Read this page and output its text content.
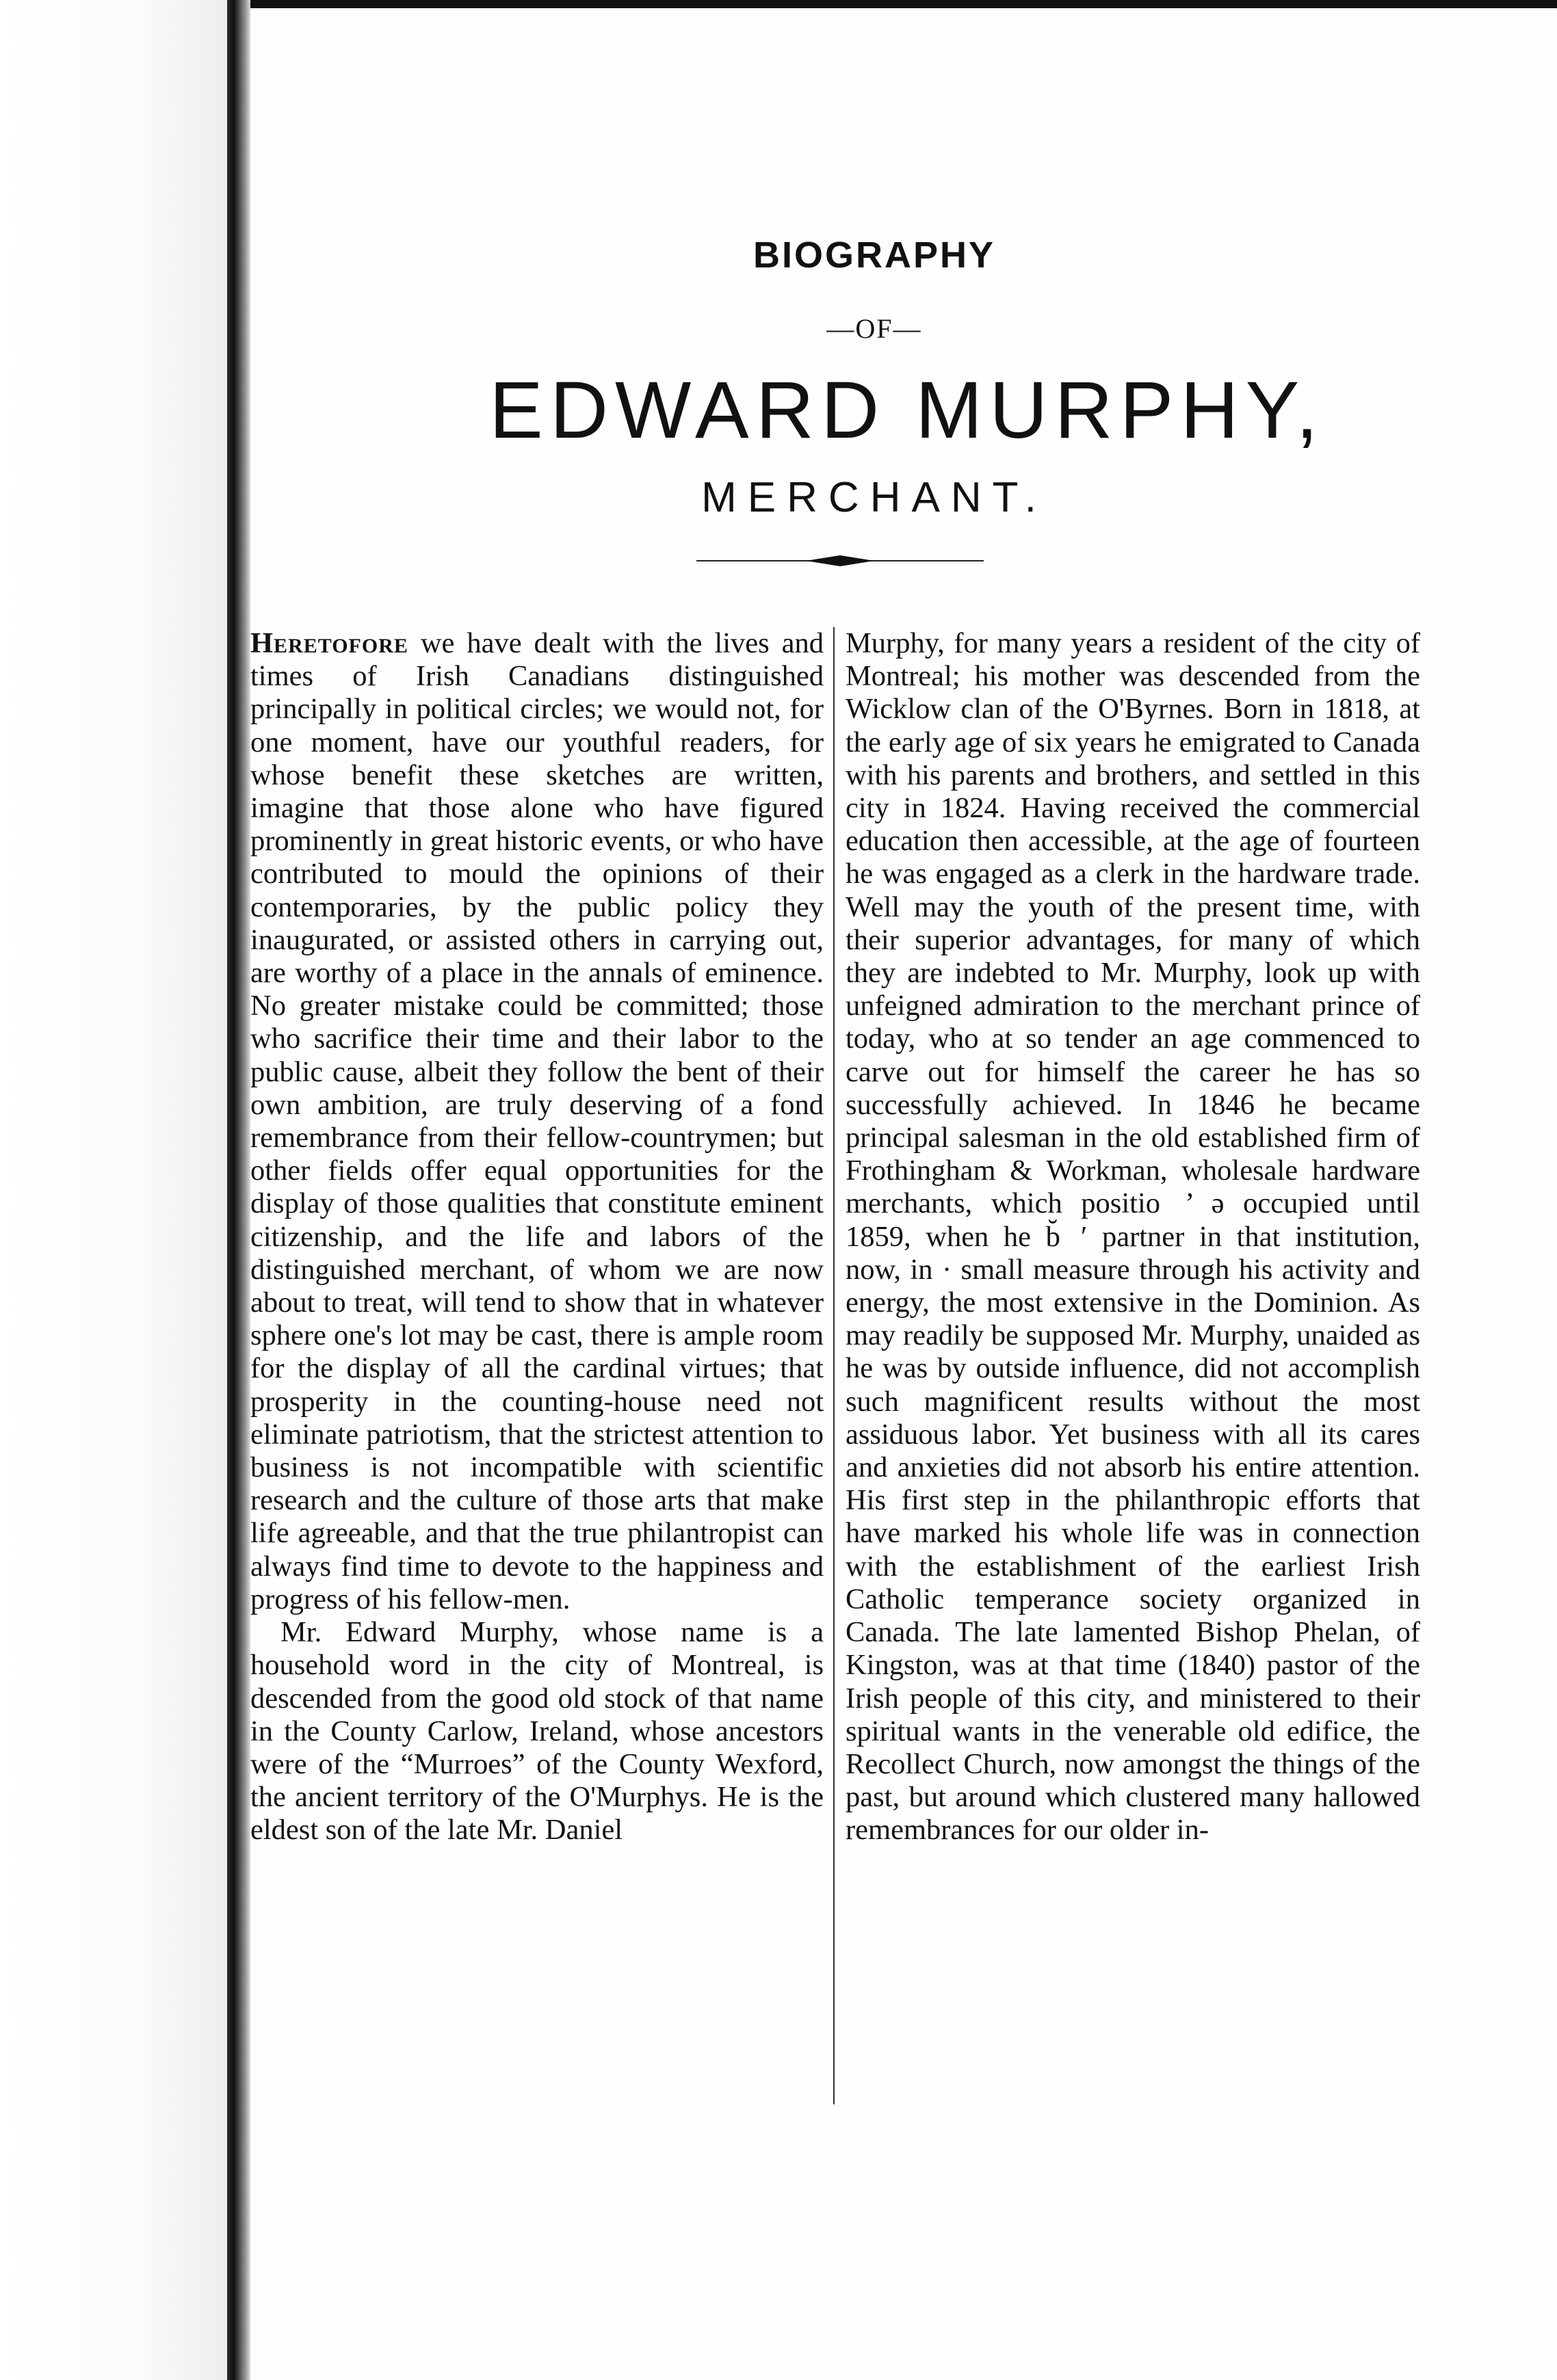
BIOGRAPHY
—OF—
EDWARD MURPHY,
MERCHANT.

Heretofore we have dealt with the lives and times of Irish Canadians distinguished principally in political circles; we would not, for one moment, have our youthful readers, for whose benefit these sketches are written, imagine that those alone who have figured prominently in great historic events, or who have contributed to mould the opinions of their contemporaries, by the public policy they inaugurated, or assisted others in carrying out, are worthy of a place in the annals of eminence. No greater mistake could be committed; those who sacrifice their time and their labor to the public cause, albeit they follow the bent of their own ambition, are truly deserving of a fond remembrance from their fellow-countrymen; but other fields offer equal opportunities for the display of those qualities that constitute eminent citizenship, and the life and labors of the distinguished merchant, of whom we are now about to treat, will tend to show that in whatever sphere one's lot may be cast, there is ample room for the display of all the cardinal virtues; that prosperity in the counting-house need not eliminate patriotism, that the strictest attention to business is not incompatible with scientific research and the culture of those arts that make life agreeable, and that the true philantropist can always find time to devote to the happiness and progress of his fellow-men.

Mr. Edward Murphy, whose name is a household word in the city of Montreal, is descended from the good old stock of that name in the County Carlow, Ireland, whose ancestors were of the “Murroes” of the County Wexford, the ancient territory of the O'Murphys. He is the eldest son of the late Mr. Daniel

Murphy, for many years a resident of the city of Montreal; his mother was descended from the Wicklow clan of the O'Byrnes. Born in 1818, at the early age of six years he emigrated to Canada with his parents and brothers, and settled in this city in 1824. Having received the commercial education then accessible, at the age of fourteen he was engaged as a clerk in the hardware trade. Well may the youth of the present time, with their superior advantages, for many of which they are indebted to Mr. Murphy, look up with unfeigned admiration to the merchant prince of today, who at so tender an age commenced to carve out for himself the career he has so successfully achieved. In 1846 he became principal salesman in the old established firm of Frothingham & Workman, wholesale hardware merchants, which positio  ’ ə occupied until 1859, when he b̆  ′ partner in that institution, now, in · small measure through his activity and energy, the most extensive in the Dominion. As may readily be supposed Mr. Murphy, unaided as he was by outside influence, did not accomplish such magnificent results without the most assiduous labor. Yet business with all its cares and anxieties did not absorb his entire attention. His first step in the philanthropic efforts that have marked his whole life was in connection with the establishment of the earliest Irish Catholic temperance society organized in Canada. The late lamented Bishop Phelan, of Kingston, was at that time (1840) pastor of the Irish people of this city, and ministered to their spiritual wants in the venerable old edifice, the Recollect Church, now amongst the things of the past, but around which clustered many hallowed remembrances for our older in-
